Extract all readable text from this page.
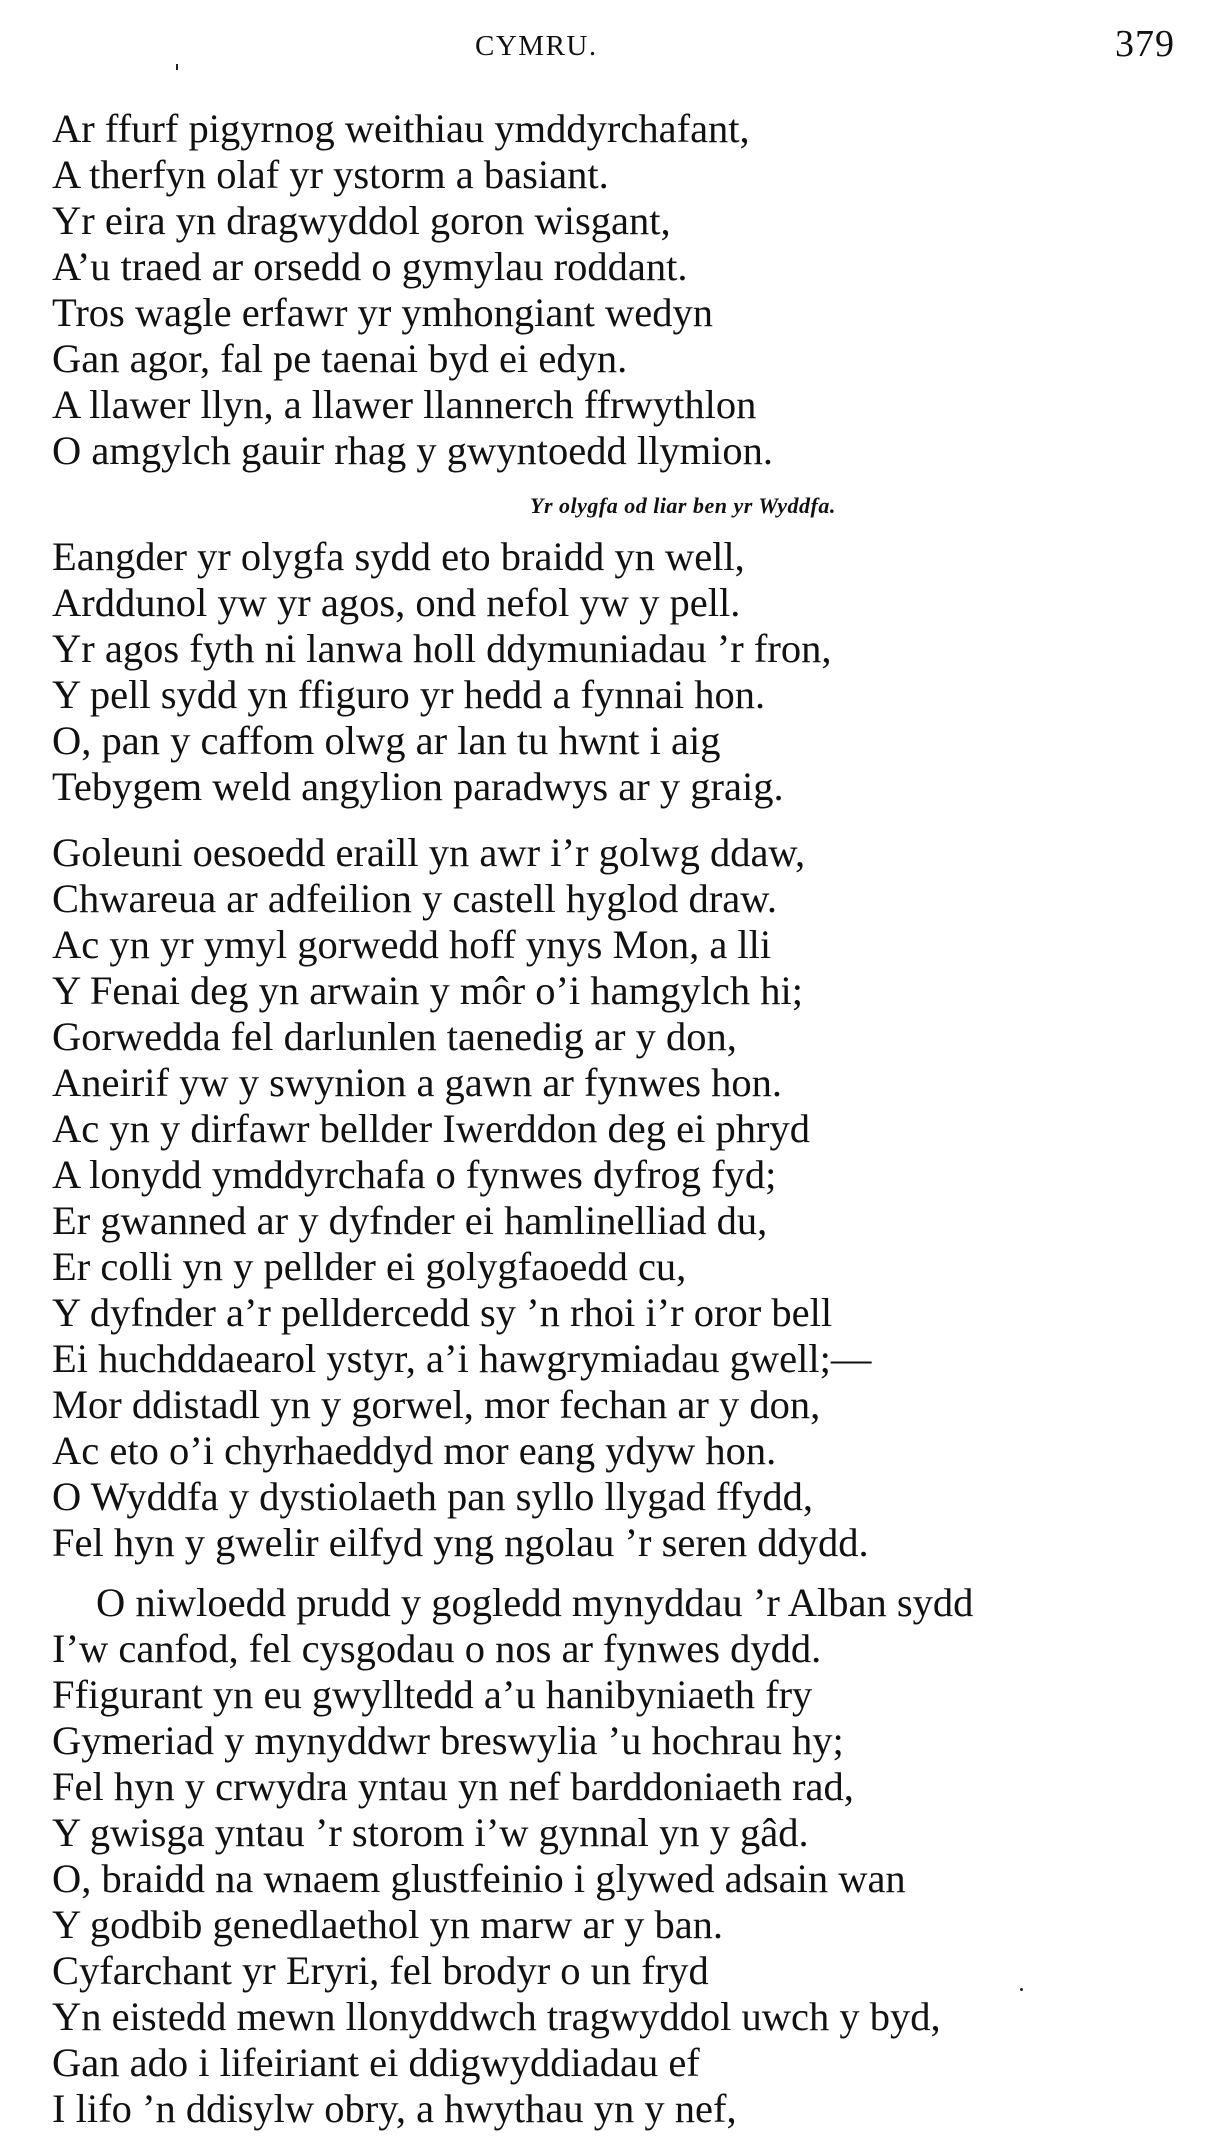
CYMRU.	379
Ar ffurf pigyrnog weithiau ymddyrchafant,
A therfyn olaf yr ystorm a basiant.
Yr eira yn dragwyddol goron wisgant,
A’u traed ar orsedd o gymylau roddant.
Tros wagle erfawr yr ymhongiant wedyn
Gan agor, fal pe taenai byd ei edyn.
A llawer llyn, a llawer llannerch ffrwythlon
O amgylch gauir rhag y gwyntoedd llymion.
Yr olygfa od liar ben yr Wyddfa.
Eangder yr olygfa sydd eto braidd yn well,
Arddunol yw yr agos, ond nefol yw y pell.
Yr agos fyth ni lanwa holl ddymuniadau ’r fron,
Y pell sydd yn ffiguro yr hedd a fynnai hon.
O, pan y caffom olwg ar lan tu hwnt i aig
Tebygem weld angylion paradwys ar y graig.
Goleuni oesoedd eraill yn awr i’r golwg ddaw,
Chwareua ar adfeilion y castell hyglod draw.
Ac yn yr ymyl gorwedd hoff ynys Mon, a lli
Y Fenai deg yn arwain y môr o’i hamgylch hi;
Gorwedda fel darlunlen taenedig ar y don,
Aneirif yw y swynion a gawn ar fynwes hon.
Ac yn y dirfawr bellder Iwerddon deg ei phryd
A lonydd ymddyrchafa o fynwes dyfrog fyd;
Er gwanned ar y dyfnder ei hamlinelliad du,
Er colli yn y pellder ei golygfaoedd cu,
Y dyfnder a’r pelldercedd sy ’n rhoi i’r oror bell
Ei huchddaearol ystyr, a’i hawgrymiadau gwell;—
Mor ddistadl yn y gorwel, mor fechan ar y don,
Ac eto o’i chyrhaeddyd mor eang ydyw hon.
O Wyddfa y dystiolaeth pan syllo llygad ffydd,
Fel hyn y gwelir eilfyd yng ngolau ’r seren ddydd.
O niwloedd prudd y gogledd mynyddau ’r Alban sydd
I’w canfod, fel cysgodau o nos ar fynwes dydd.
Ffigurant yn eu gwylltedd a’u hanibyniaeth fry
Gymeriad y mynyddwr breswylia ’u hochrau hy;
Fel hyn y crwydra yntau yn nef barddoniaeth rad,
Y gwisga yntau ’r storom i’w gynnal yn y gâd.
O, braidd na wnaem glustfeinio i glywed adsain wan
Y godbib genedlaethol yn marw ar y ban.
Cyfarchant yr Eryri, fel brodyr o un fryd
Yn eistedd mewn llonyddwch tragwyddol uwch y byd,
Gan ado i lifeiriant ei ddigwyddiadau ef
I lifo ’n ddisylw obry, a hwythau yn y nef,
